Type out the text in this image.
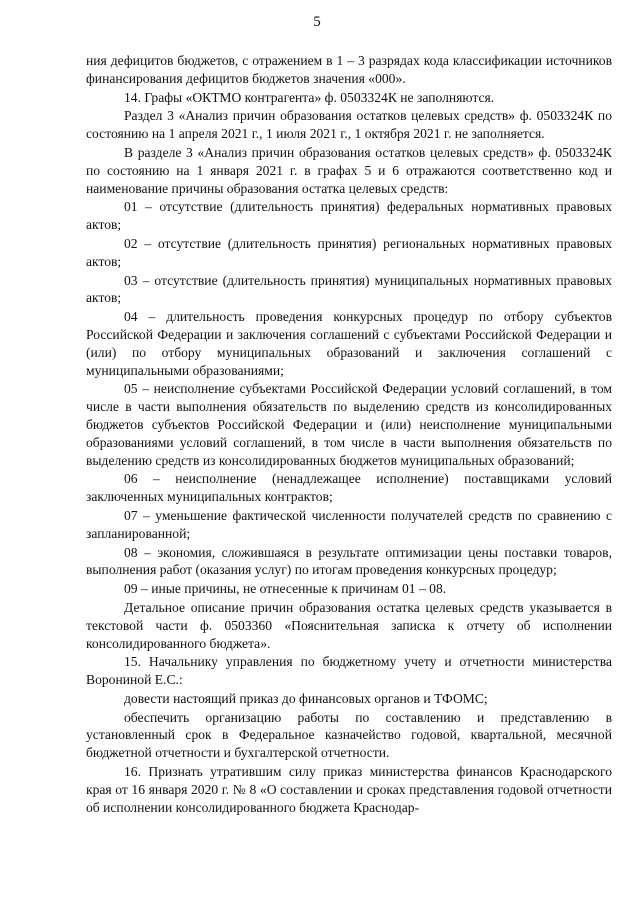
5

ния дефицитов бюджетов, с отражением в 1 – 3 разрядах кода классификации источников финансирования дефицитов бюджетов значения «000».

14. Графы «ОКТМО контрагента» ф. 0503324К не заполняются.

Раздел 3 «Анализ причин образования остатков целевых средств» ф. 0503324К по состоянию на 1 апреля 2021 г., 1 июля 2021 г., 1 октября 2021 г. не заполняется.

В разделе 3 «Анализ причин образования остатков целевых средств» ф. 0503324К по состоянию на 1 января 2021 г. в графах 5 и 6 отражаются соответственно код и наименование причины образования остатка целевых средств:

01 – отсутствие (длительность принятия) федеральных нормативных правовых актов;

02 – отсутствие (длительность принятия) региональных нормативных правовых актов;

03 – отсутствие (длительность принятия) муниципальных нормативных правовых актов;

04 – длительность проведения конкурсных процедур по отбору субъектов Российской Федерации и заключения соглашений с субъектами Российской Федерации и (или) по отбору муниципальных образований и заключения соглашений с муниципальными образованиями;

05 – неисполнение субъектами Российской Федерации условий соглашений, в том числе в части выполнения обязательств по выделению средств из консолидированных бюджетов субъектов Российской Федерации и (или) неисполнение муниципальными образованиями условий соглашений, в том числе в части выполнения обязательств по выделению средств из консолидированных бюджетов муниципальных образований;

06 – неисполнение (ненадлежащее исполнение) поставщиками условий заключенных муниципальных контрактов;

07 – уменьшение фактической численности получателей средств по сравнению с запланированной;

08 – экономия, сложившаяся в результате оптимизации цены поставки товаров, выполнения работ (оказания услуг) по итогам проведения конкурсных процедур;

09 – иные причины, не отнесенные к причинам 01 – 08.

Детальное описание причин образования остатка целевых средств указывается в текстовой части ф. 0503360 «Пояснительная записка к отчету об исполнении консолидированного бюджета».

15. Начальнику управления по бюджетному учету и отчетности министерства Ворониной Е.С.:

довести настоящий приказ до финансовых органов и ТФОМС;

обеспечить организацию работы по составлению и представлению в установленный срок в Федеральное казначейство годовой, квартальной, месячной бюджетной отчетности и бухгалтерской отчетности.

16. Признать утратившим силу приказ министерства финансов Краснодарского края от 16 января 2020 г. № 8 «О составлении и сроках представления годовой отчетности об исполнении консолидированного бюджета Краснодар-
